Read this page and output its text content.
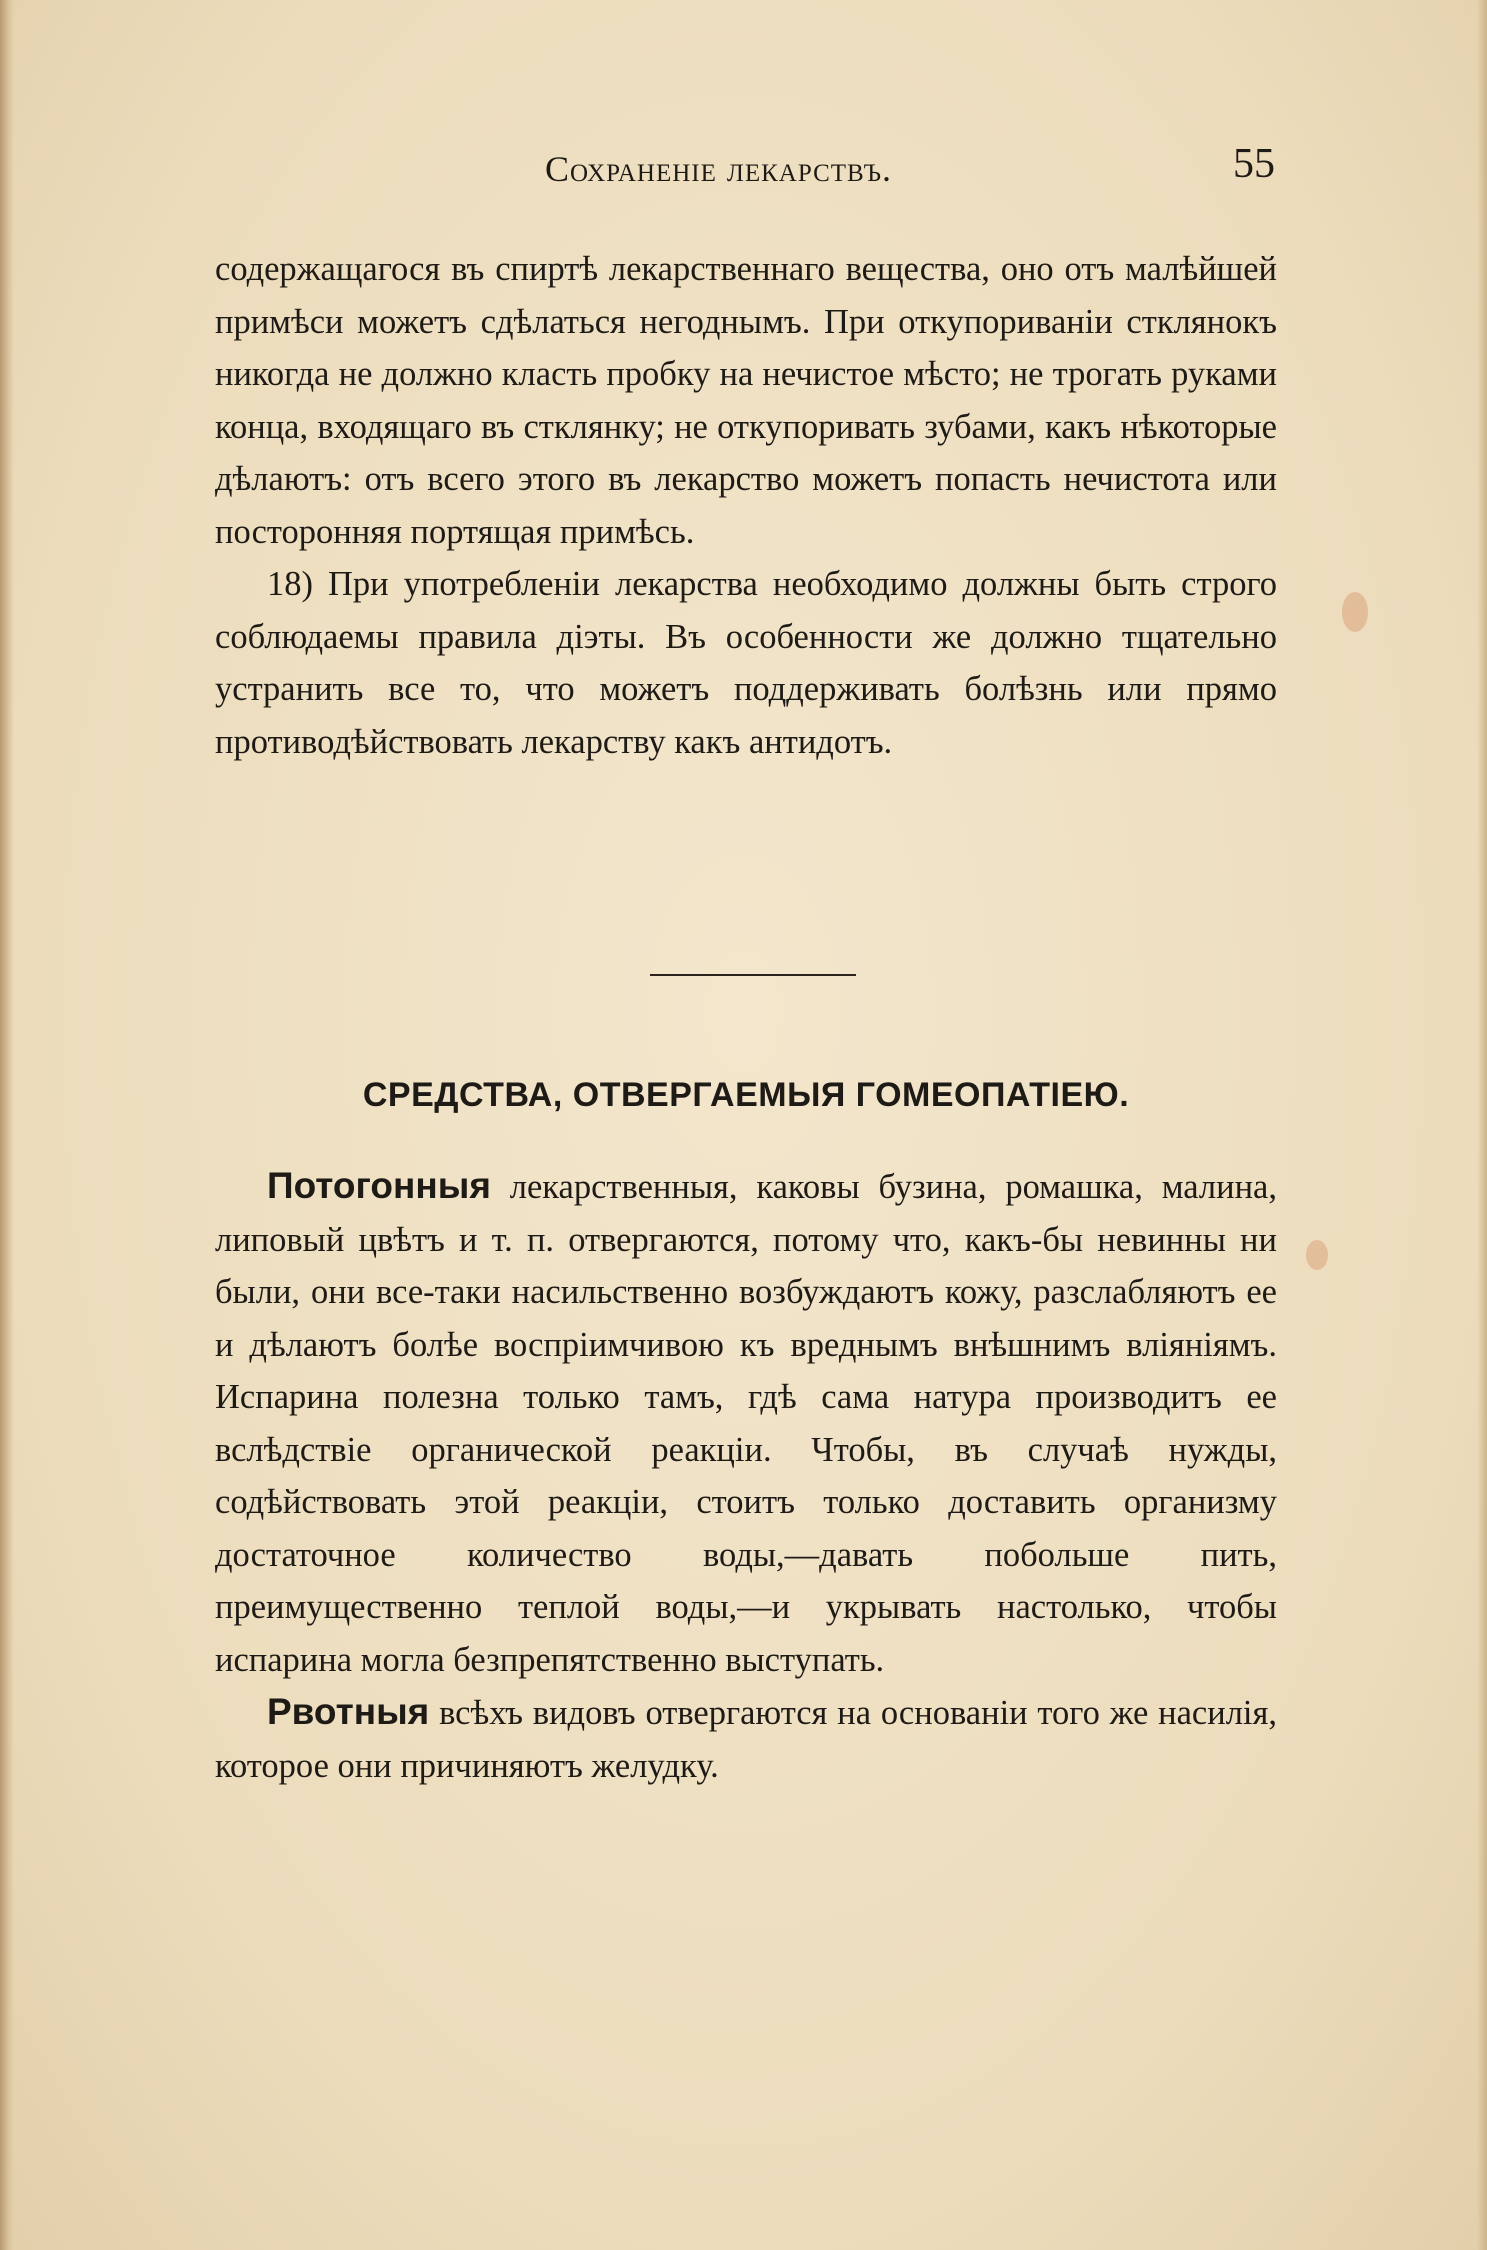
Сохраненіе лекарствъ.	55

содержащагося въ спиртѣ лекарственнаго вещества, оно отъ малѣйшей примѣси можетъ сдѣлаться негоднымъ. При откупориванiи стклянокъ никогда не должно класть пробку на нечистое мѣсто; не трогать руками конца, входящаго въ стклянку; не откупоривать зубами, какъ нѣкоторые дѣлаютъ: отъ всего этого въ лекарство можетъ попасть нечистота или посторонняя портящая примѣсь.

18) При употребленiи лекарства необходимо должны быть строго соблюдаемы правила дiэты. Въ особенности же должно тщательно устранить все то, что можетъ поддерживать болѣзнь или прямо противодѣйствовать лекарству какъ антидотъ.

СРЕДСТВА, ОТВЕРГАЕМЫЯ ГОМЕОПАТIЕЮ.

Потогонныя лекарственныя, каковы бузина, ромашка, малина, липовый цвѣтъ и т. п. отвергаются, потому что, какъ-бы невинны ни были, они все-таки насильственно возбуждаютъ кожу, разслабляютъ ее и дѣлаютъ болѣе воспрiимчивою къ вреднымъ внѣшнимъ влiянiямъ. Испарина полезна только тамъ, гдѣ сама натура производитъ ее вслѣдствiе органической реакцiи. Чтобы, въ случаѣ нужды, содѣйствовать этой реакцiи, стоитъ только доставить организму достаточное количество воды,—давать побольше пить, преимущественно теплой воды,—и укрывать настолько, чтобы испарина могла безпрепятственно выступать.

Рвотныя всѣхъ видовъ отвергаются на основанiи того же насилiя, которое они причиняютъ желудку.
